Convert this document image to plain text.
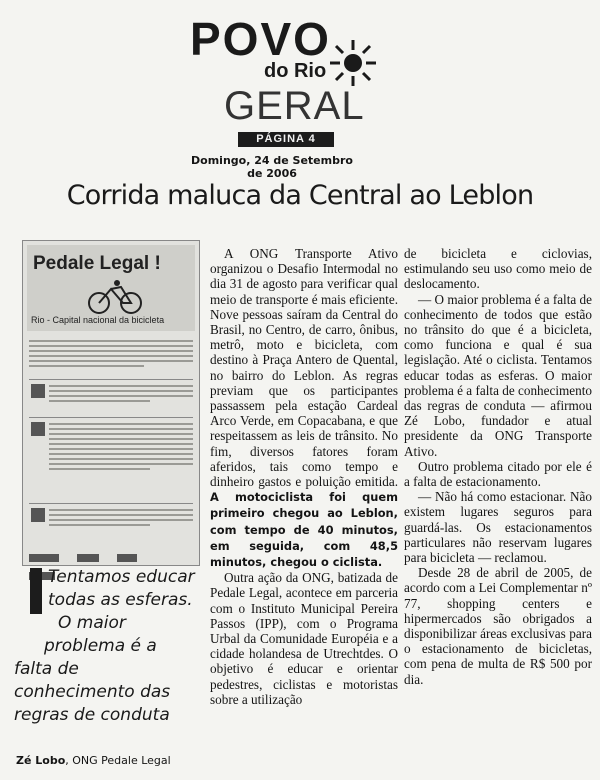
POVO
do Rio
GERAL
PÁGINA 4
Domingo, 24 de Setembro de 2006
Corrida maluca da Central ao Leblon
Pedale Legal !
Rio - Capital nacional da bicicleta

Tentamos educar
todas as esferas.
O maior
problema é a
falta de
conhecimento das
regras de conduta

Zé Lobo, ONG Pedale Legal

A ONG Transporte Ativo organizou o Desafio Intermodal no dia 31 de agosto para verificar qual meio de transporte é mais eficiente. Nove pessoas saíram da Central do Brasil, no Centro, de carro, ônibus, metrô, moto e bicicleta, com destino à Praça Antero de Quental, no bairro do Leblon. As regras previam que os participantes passassem pela estação Cardeal Arco Verde, em Copacabana, e que respeitassem as leis de trânsito. No fim, diversos fatores foram aferidos, tais como tempo e dinheiro gastos e poluição emitida. A motociclista foi quem primeiro chegou ao Leblon, com tempo de 40 minutos, em seguida, com 48,5 minutos, chegou o ciclista.

Outra ação da ONG, batizada de Pedale Legal, acontece em parceria com o Instituto Municipal Pereira Passos (IPP), com o Programa Urbal da Comunidade Européia e a cidade holandesa de Utrechtdes. O objetivo é educar e orientar pedestres, ciclistas e motoristas sobre a utilização

de bicicleta e ciclovias, estimulando seu uso como meio de deslocamento.

— O maior problema é a falta de conhecimento de todos que estão no trânsito do que é a bicicleta, como funciona e qual é sua legislação. Até o ciclista. Tentamos educar todas as esferas. O maior problema é a falta de conhecimento das regras de conduta — afirmou Zé Lobo, fundador e atual presidente da ONG Transporte Ativo.

Outro problema citado por ele é a falta de estacionamento.

— Não há como estacionar. Não existem lugares seguros para guardá-las. Os estacionamentos particulares não reservam lugares para bicicleta — reclamou.

Desde 28 de abril de 2005, de acordo com a Lei Complementar nº 77, shopping centers e hipermercados são obrigados a disponibilizar áreas exclusivas para o estacionamento de bicicletas, com pena de multa de R$ 500 por dia.
